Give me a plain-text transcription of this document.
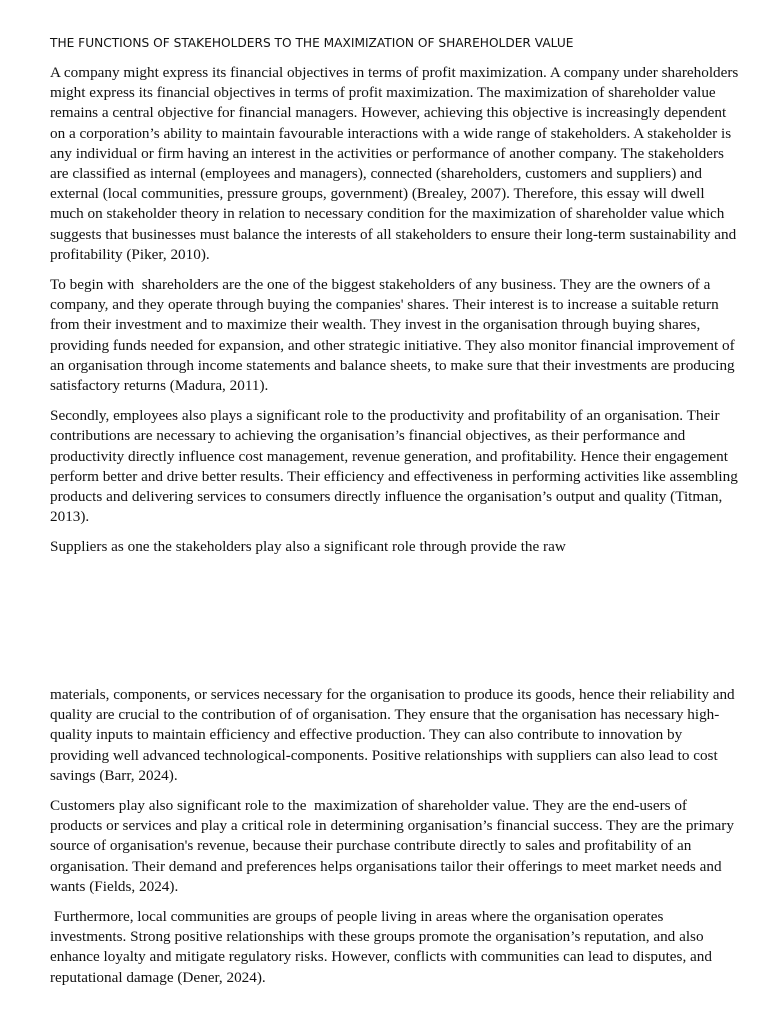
THE FUNCTIONS OF STAKEHOLDERS TO THE MAXIMIZATION OF SHAREHOLDER VALUE

A company might express its financial objectives in terms of profit maximization. A company under shareholders might express its financial objectives in terms of profit maximization. The maximization of shareholder value remains a central objective for financial managers. However, achieving this objective is increasingly dependent on a corporation’s ability to maintain favourable interactions with a wide range of stakeholders. A stakeholder is any individual or firm having an interest in the activities or performance of another company. The stakeholders are classified as internal (employees and managers), connected (shareholders, customers and suppliers) and external (local communities, pressure groups, government) (Brealey, 2007). Therefore, this essay will dwell much on stakeholder theory in relation to necessary condition for the maximization of shareholder value which suggests that businesses must balance the interests of all stakeholders to ensure their long-term sustainability and profitability (Piker, 2010).

To begin with  shareholders are the one of the biggest stakeholders of any business. They are the owners of a company, and they operate through buying the companies' shares. Their interest is to increase a suitable return from their investment and to maximize their wealth. They invest in the organisation through buying shares, providing funds needed for expansion, and other strategic initiative. They also monitor financial improvement of an organisation through income statements and balance sheets, to make sure that their investments are producing satisfactory returns (Madura, 2011).

Secondly, employees also plays a significant role to the productivity and profitability of an organisation. Their contributions are necessary to achieving the organisation’s financial objectives, as their performance and productivity directly influence cost management, revenue generation, and profitability. Hence their engagement perform better and drive better results. Their efficiency and effectiveness in performing activities like assembling products and delivering services to consumers directly influence the organisation’s output and quality (Titman, 2013).

Suppliers as one the stakeholders play also a significant role through provide the raw

materials, components, or services necessary for the organisation to produce its goods, hence their reliability and quality are crucial to the contribution of of organisation. They ensure that the organisation has necessary high-quality inputs to maintain efficiency and effective production. They can also contribute to innovation by providing well advanced technological-components. Positive relationships with suppliers can also lead to cost savings (Barr, 2024).

Customers play also significant role to the  maximization of shareholder value. They are the end-users of products or services and play a critical role in determining organisation’s financial success. They are the primary source of organisation's revenue, because their purchase contribute directly to sales and profitability of an organisation. Their demand and preferences helps organisations tailor their offerings to meet market needs and wants (Fields, 2024).

Furthermore, local communities are groups of people living in areas where the organisation operates investments. Strong positive relationships with these groups promote the organisation’s reputation, and also enhance loyalty and mitigate regulatory risks. However, conflicts with communities can lead to disputes, and reputational damage (Dener, 2024).
